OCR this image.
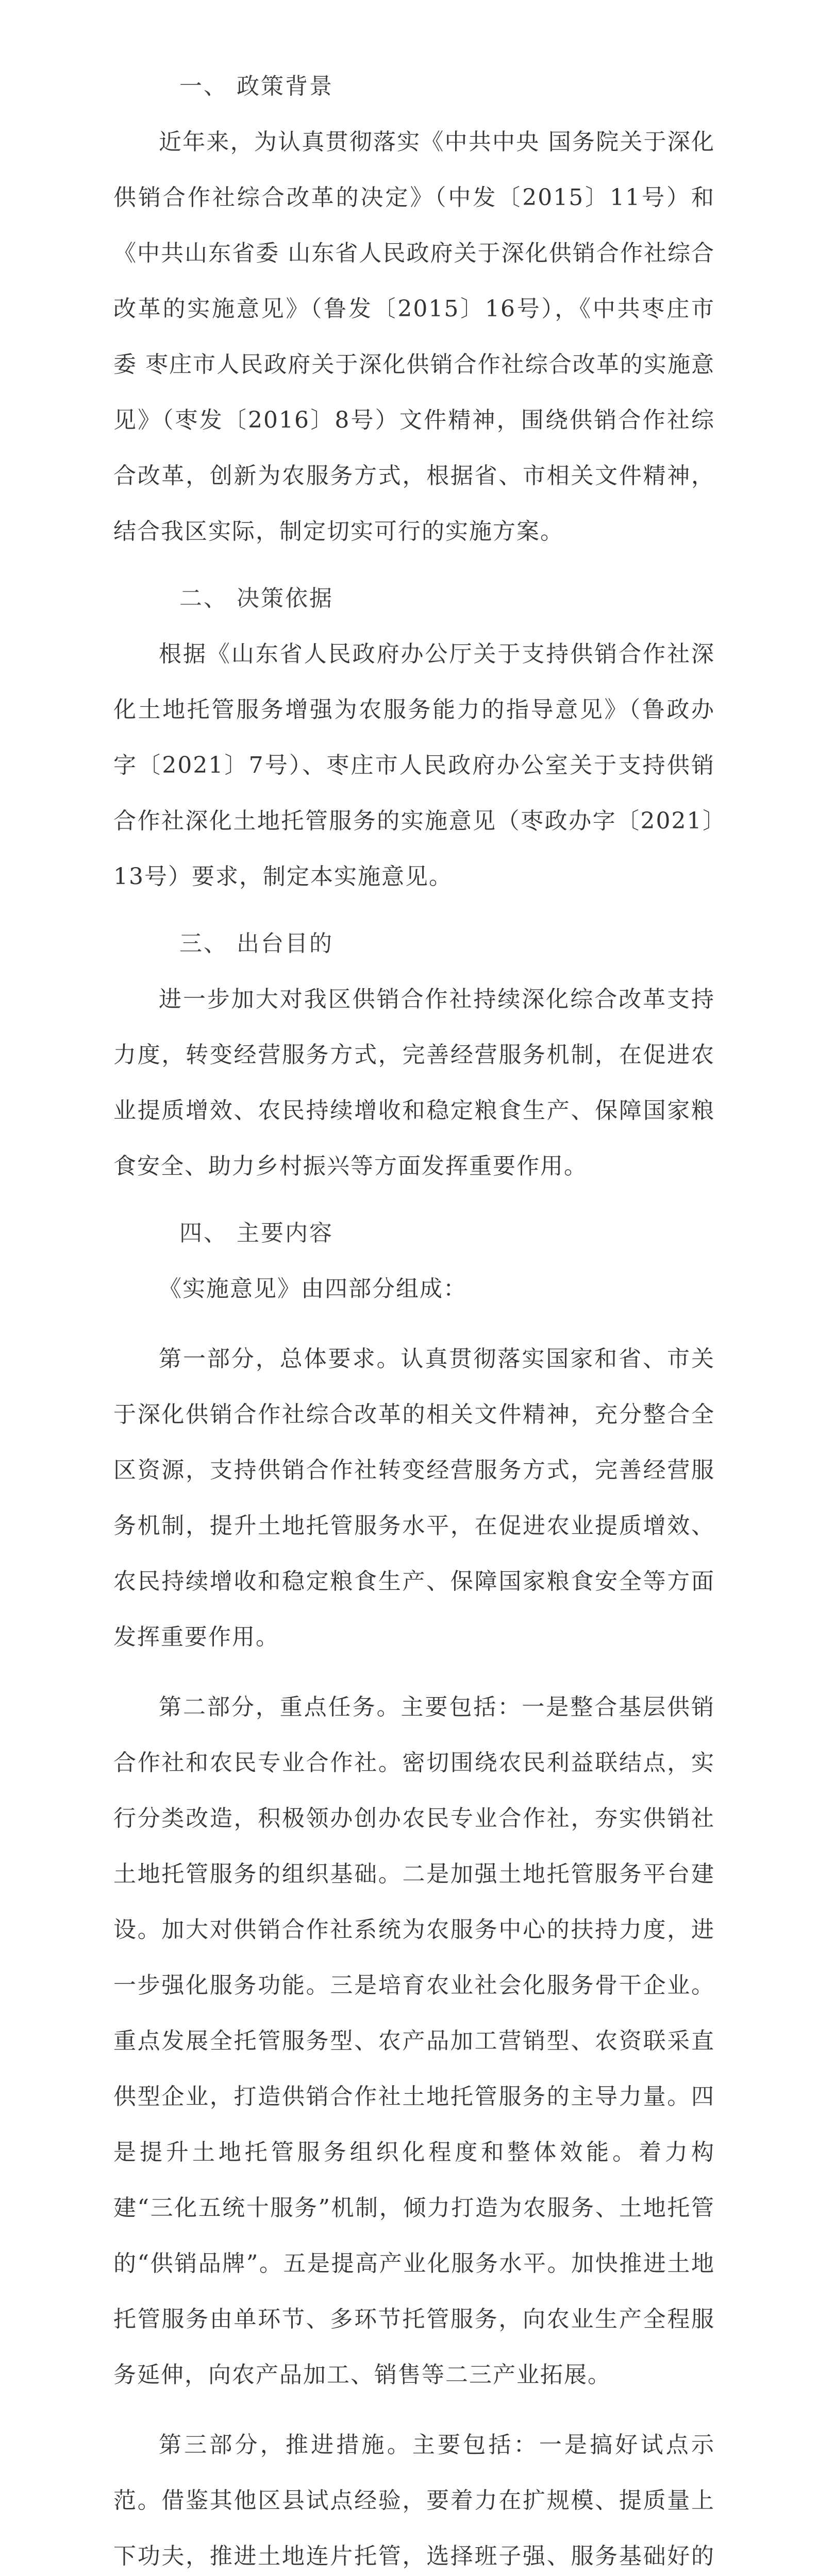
一、 政策背景

近年来，为认真贯彻落实《中共中央 国务院关于深化供销合作社综合改革的决定》（中发〔2015〕11号）和《中共山东省委 山东省人民政府关于深化供销合作社综合改革的实施意见》（鲁发〔2015〕16号），《中共枣庄市委 枣庄市人民政府关于深化供销合作社综合改革的实施意见》（枣发〔2016〕8号）文件精神，围绕供销合作社综合改革，创新为农服务方式，根据省、市相关文件精神，结合我区实际，制定切实可行的实施方案。

二、 决策依据

根据《山东省人民政府办公厅关于支持供销合作社深化土地托管服务增强为农服务能力的指导意见》（鲁政办字〔2021〕7号）、枣庄市人民政府办公室关于支持供销合作社深化土地托管服务的实施意见（枣政办字〔2021〕13号）要求，制定本实施意见。

三、 出台目的

进一步加大对我区供销合作社持续深化综合改革支持力度，转变经营服务方式，完善经营服务机制，在促进农业提质增效、农民持续增收和稳定粮食生产、保障国家粮食安全、助力乡村振兴等方面发挥重要作用。

四、 主要内容

《实施意见》由四部分组成：

第一部分，总体要求。认真贯彻落实国家和省、市关于深化供销合作社综合改革的相关文件精神，充分整合全区资源，支持供销合作社转变经营服务方式，完善经营服务机制，提升土地托管服务水平，在促进农业提质增效、农民持续增收和稳定粮食生产、保障国家粮食安全等方面发挥重要作用。

第二部分，重点任务。主要包括：一是整合基层供销合作社和农民专业合作社。密切围绕农民利益联结点，实行分类改造，积极领办创办农民专业合作社，夯实供销社土地托管服务的组织基础。二是加强土地托管服务平台建设。加大对供销合作社系统为农服务中心的扶持力度，进一步强化服务功能。三是培育农业社会化服务骨干企业。重点发展全托管服务型、农产品加工营销型、农资联采直供型企业，打造供销合作社土地托管服务的主导力量。四是提升土地托管服务组织化程度和整体效能。着力构建“三化五统十服务”机制，倾力打造为农服务、土地托管的“供销品牌”。五是提高产业化服务水平。加快推进土地托管服务由单环节、多环节托管服务，向农业生产全程服务延伸，向农产品加工、销售等二三产业拓展。

第三部分，推进措施。主要包括：一是搞好试点示范。借鉴其他区县试点经验，要着力在扩规模、提质量上下功夫，推进土地连片托管，选择班子强、服务基础好的
